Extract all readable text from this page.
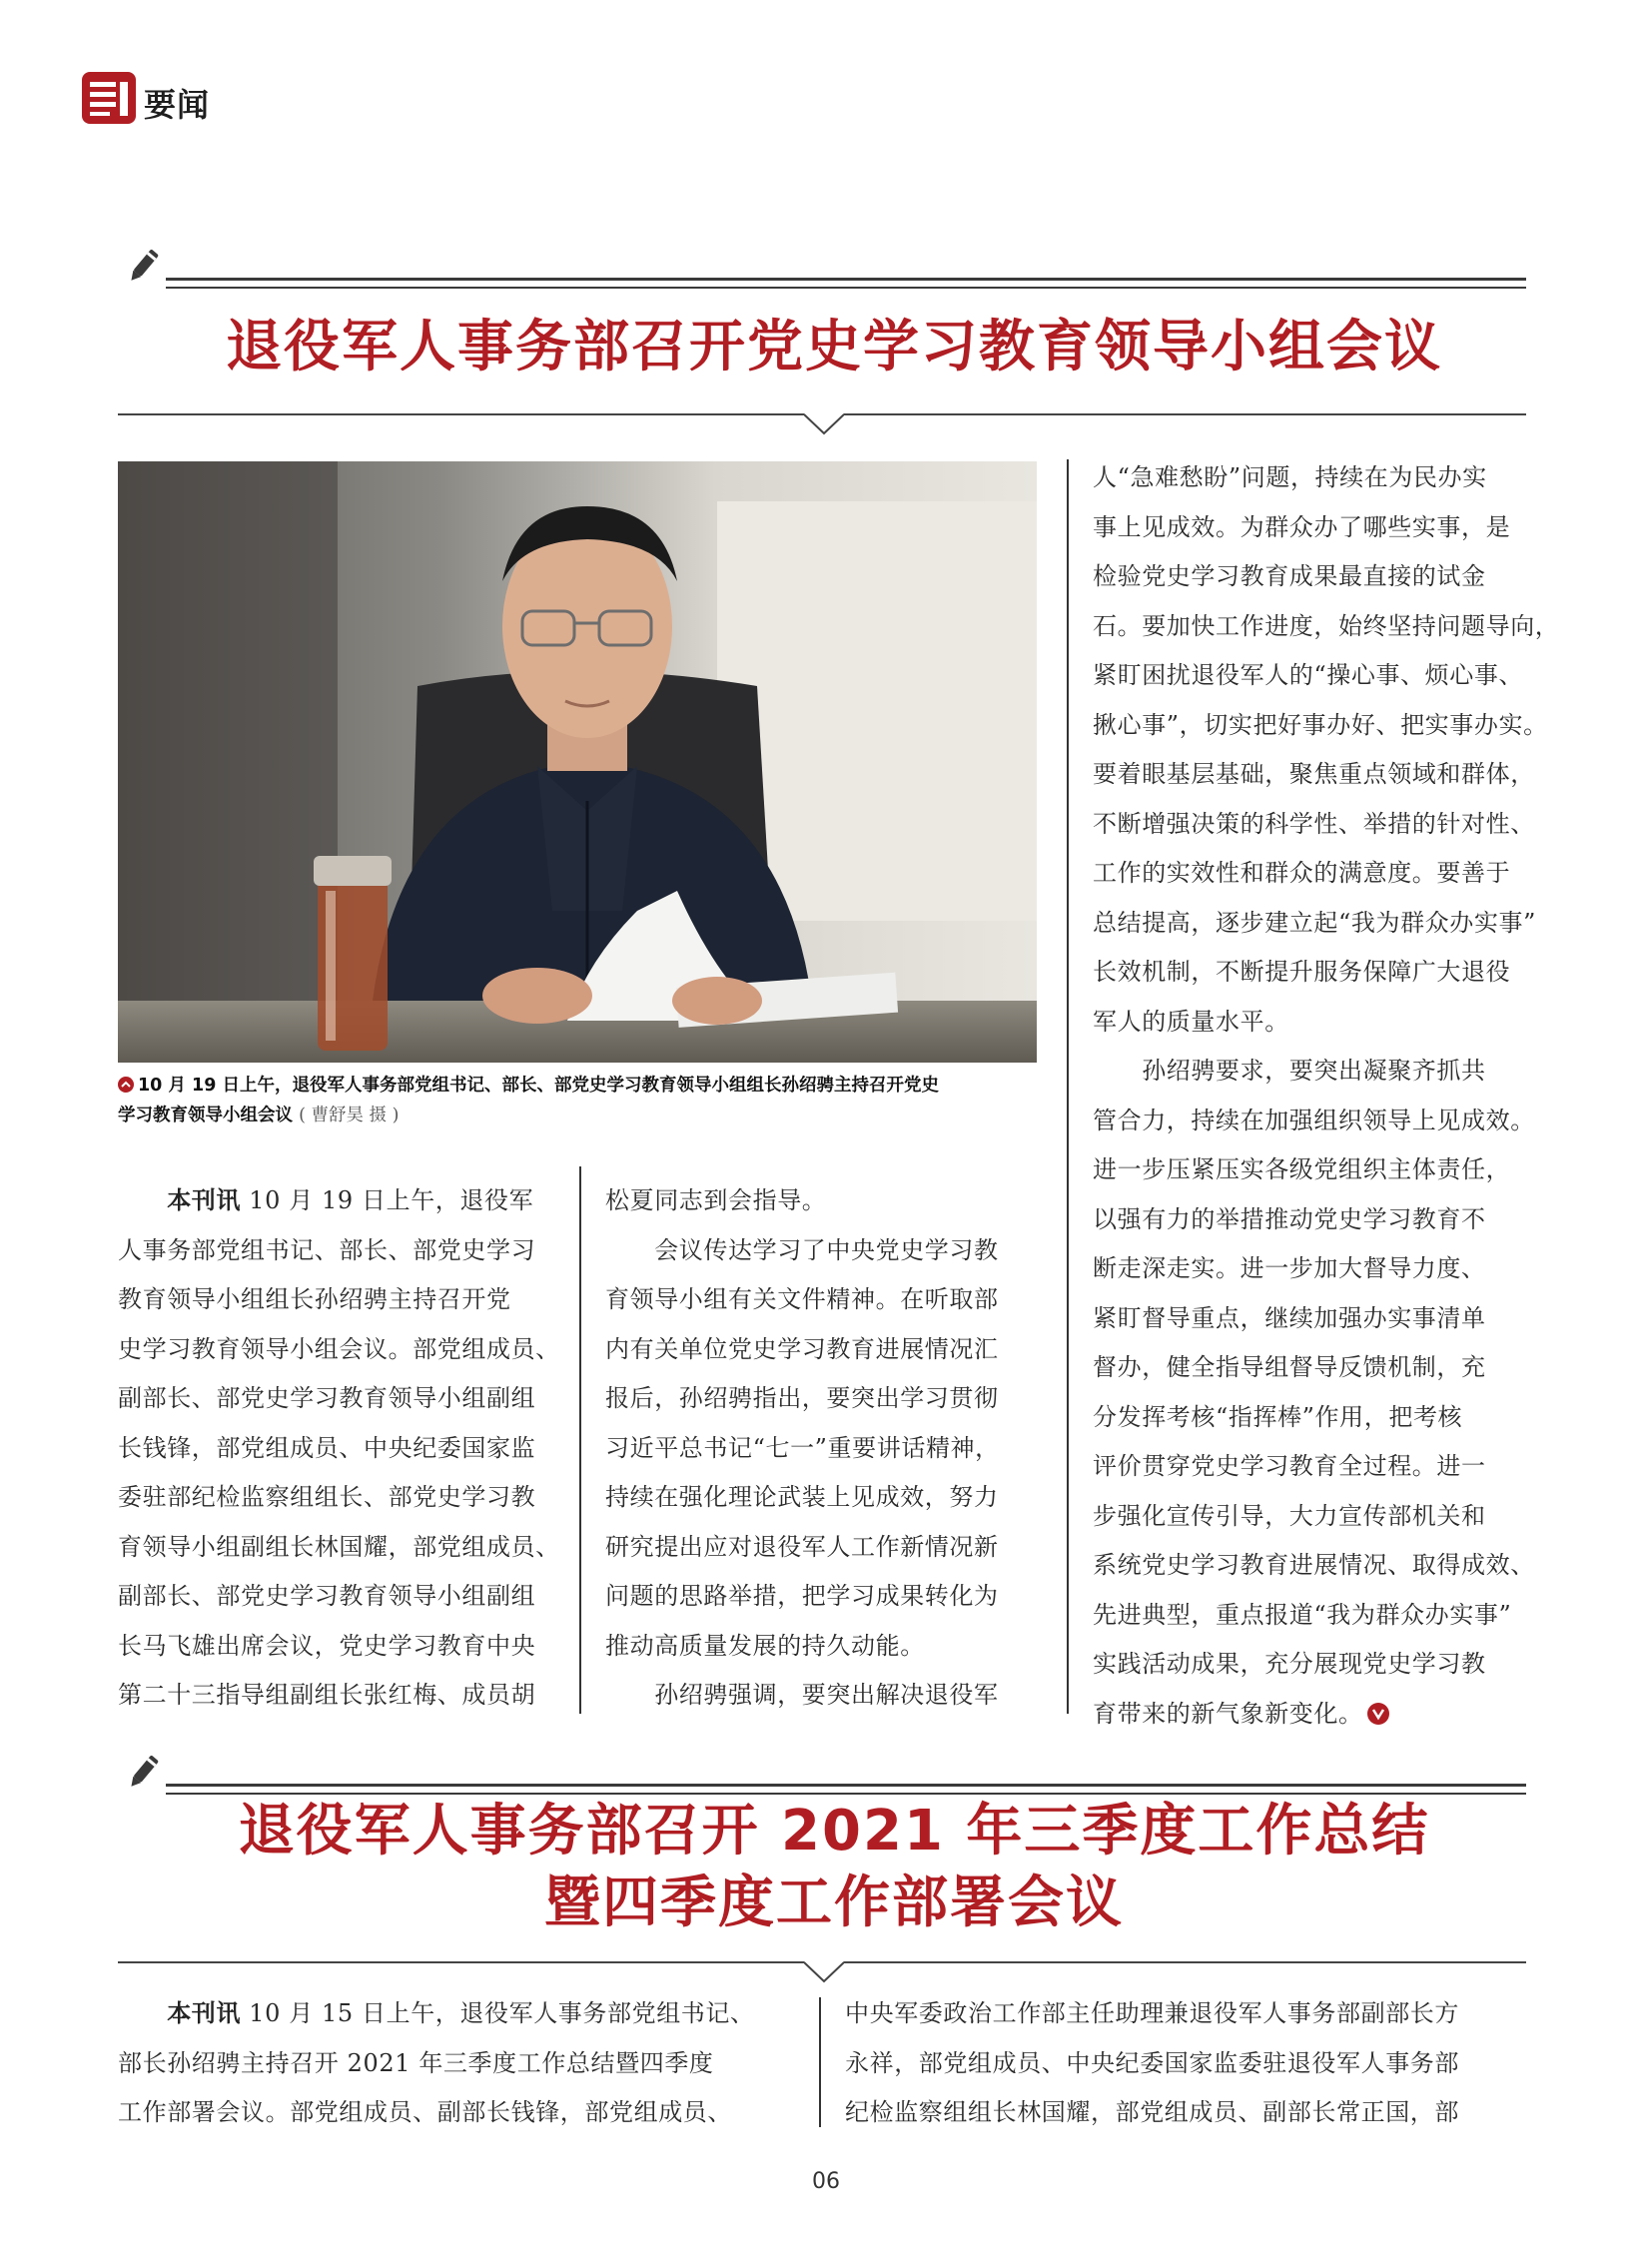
要闻
退役军人事务部召开党史学习教育领导小组会议
10 月 19 日上午，退役军人事务部党组书记、部长、部党史学习教育领导小组组长孙绍骋主持召开党史
学习教育领导小组会议 ( 曹舒昊 摄 )
　　本刊讯 10 月 19 日上午，退役军
人事务部党组书记、部长、部党史学习
教育领导小组组长孙绍骋主持召开党
史学习教育领导小组会议。部党组成员、
副部长、部党史学习教育领导小组副组
长钱锋，部党组成员、中央纪委国家监
委驻部纪检监察组组长、部党史学习教
育领导小组副组长林国耀，部党组成员、
副部长、部党史学习教育领导小组副组
长马飞雄出席会议，党史学习教育中央
第二十三指导组副组长张红梅、成员胡
松夏同志到会指导。
　　会议传达学习了中央党史学习教
育领导小组有关文件精神。在听取部
内有关单位党史学习教育进展情况汇
报后，孙绍骋指出，要突出学习贯彻
习近平总书记“七一”重要讲话精神，
持续在强化理论武装上见成效，努力
研究提出应对退役军人工作新情况新
问题的思路举措，把学习成果转化为
推动高质量发展的持久动能。
　　孙绍骋强调，要突出解决退役军
人“急难愁盼”问题，持续在为民办实
事上见成效。为群众办了哪些实事，是
检验党史学习教育成果最直接的试金
石。要加快工作进度，始终坚持问题导向，
紧盯困扰退役军人的“操心事、烦心事、
揪心事”，切实把好事办好、把实事办实。
要着眼基层基础，聚焦重点领域和群体，
不断增强决策的科学性、举措的针对性、
工作的实效性和群众的满意度。要善于
总结提高，逐步建立起“我为群众办实事”
长效机制，不断提升服务保障广大退役
军人的质量水平。
　　孙绍骋要求，要突出凝聚齐抓共
管合力，持续在加强组织领导上见成效。
进一步压紧压实各级党组织主体责任，
以强有力的举措推动党史学习教育不
断走深走实。进一步加大督导力度、
紧盯督导重点，继续加强办实事清单
督办，健全指导组督导反馈机制，充
分发挥考核“指挥棒”作用，把考核
评价贯穿党史学习教育全过程。进一
步强化宣传引导，大力宣传部机关和
系统党史学习教育进展情况、取得成效、
先进典型，重点报道“我为群众办实事”
实践活动成果，充分展现党史学习教
育带来的新气象新变化。
退役军人事务部召开 2021 年三季度工作总结
暨四季度工作部署会议
　　本刊讯 10 月 15 日上午，退役军人事务部党组书记、
部长孙绍骋主持召开 2021 年三季度工作总结暨四季度
工作部署会议。部党组成员、副部长钱锋，部党组成员、
中央军委政治工作部主任助理兼退役军人事务部副部长方
永祥，部党组成员、中央纪委国家监委驻退役军人事务部
纪检监察组组长林国耀，部党组成员、副部长常正国，部
06
